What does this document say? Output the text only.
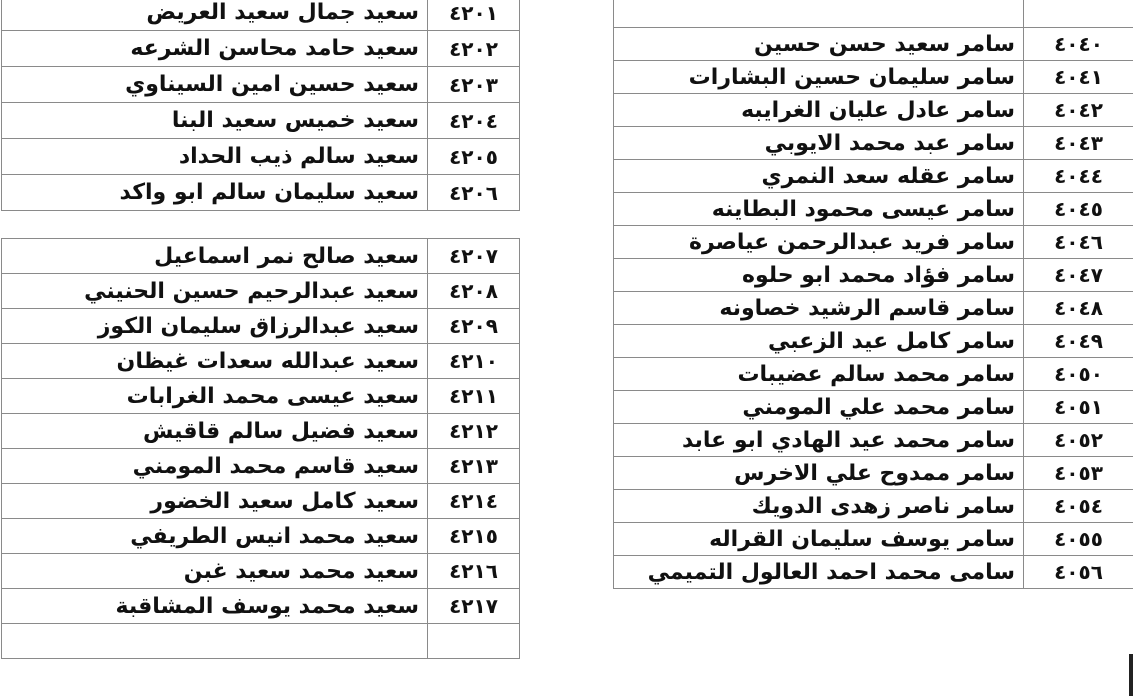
٤٠٤٠	سامر سعيد حسن حسين
٤٠٤١	سامر سليمان حسين البشارات
٤٠٤٢	سامر عادل عليان الغرايبه
٤٠٤٣	سامر عبد محمد الايوبي
٤٠٤٤	سامر عقله سعد النمري
٤٠٤٥	سامر عيسى محمود البطاينه
٤٠٤٦	سامر فريد عبدالرحمن عياصرة
٤٠٤٧	سامر فؤاد محمد ابو حلوه
٤٠٤٨	سامر قاسم الرشيد خصاونه
٤٠٤٩	سامر كامل عيد الزعبي
٤٠٥٠	سامر محمد سالم عضيبات
٤٠٥١	سامر محمد علي المومني
٤٠٥٢	سامر محمد عيد الهادي ابو عابد
٤٠٥٣	سامر ممدوح علي الاخرس
٤٠٥٤	سامر ناصر زهدى الدويك
٤٠٥٥	سامر يوسف سليمان القراله
٤٠٥٦	سامى محمد احمد العالول التميمي
٤٢٠١	سعيد جمال سعيد العريض
٤٢٠٢	سعيد حامد محاسن الشرعه
٤٢٠٣	سعيد حسين امين السيناوي
٤٢٠٤	سعيد خميس سعيد البنا
٤٢٠٥	سعيد سالم ذيب الحداد
٤٢٠٦	سعيد سليمان سالم ابو واكد
٤٢٠٧	سعيد صالح نمر اسماعيل
٤٢٠٨	سعيد عبدالرحيم حسين الحنيني
٤٢٠٩	سعيد عبدالرزاق سليمان الكوز
٤٢١٠	سعيد عبدالله سعدات غيظان
٤٢١١	سعيد عيسى محمد الغرابات
٤٢١٢	سعيد فضيل سالم قاقيش
٤٢١٣	سعيد قاسم محمد المومني
٤٢١٤	سعيد كامل سعيد الخضور
٤٢١٥	سعيد محمد انيس الطريفي
٤٢١٦	سعيد محمد سعيد غبن
٤٢١٧	سعيد محمد يوسف المشاقبة
